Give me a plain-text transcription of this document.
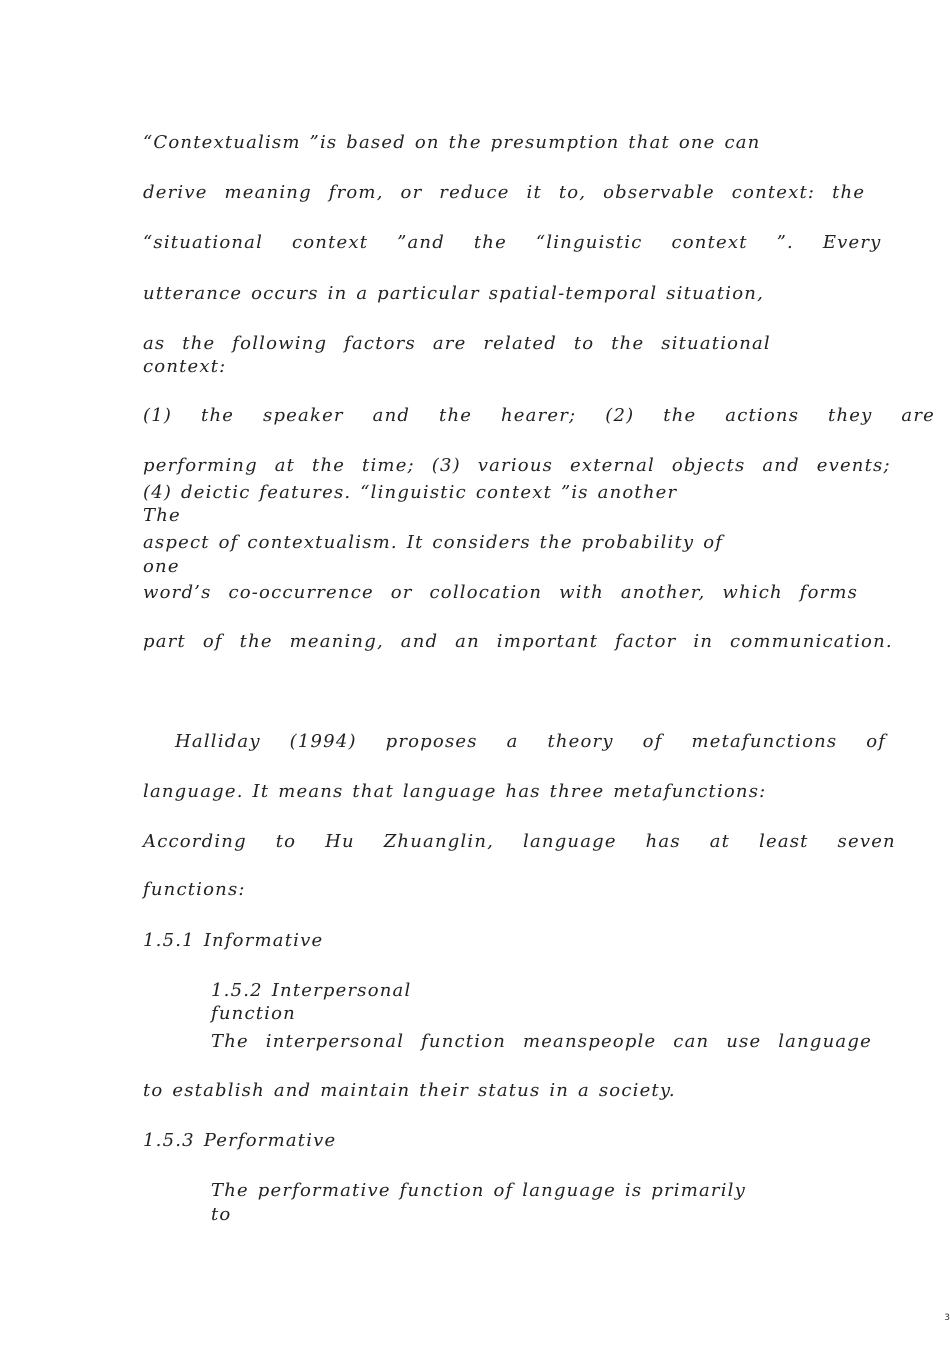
“Contextualism ”is based on the presumption that one can
derive meaning from, or reduce it to, observable context: the
“situational context ”and the “linguistic context ”. Every
utterance occurs in a particular spatial-temporal situation,
as the following factors are related to the situational
context:
(1) the speaker and the hearer; (2) the actions they are
performing at the time; (3) various external objects and events;
(4) deictic features. “linguistic context ”is another
The
aspect of contextualism. It considers the probability of
one
word’s co-occurrence or collocation with another, which forms
part of the meaning, and an important factor in communication.
Halliday (1994) proposes a theory of metafunctions of
language. It means that language has three metafunctions:
According to Hu Zhuanglin, language has at least seven
functions:
1.5.1 Informative
1.5.2 Interpersonal
function
The interpersonal function meanspeople can use language
to establish and maintain their status in a society.
1.5.3 Performative
The performative function of language is primarily
to
3
